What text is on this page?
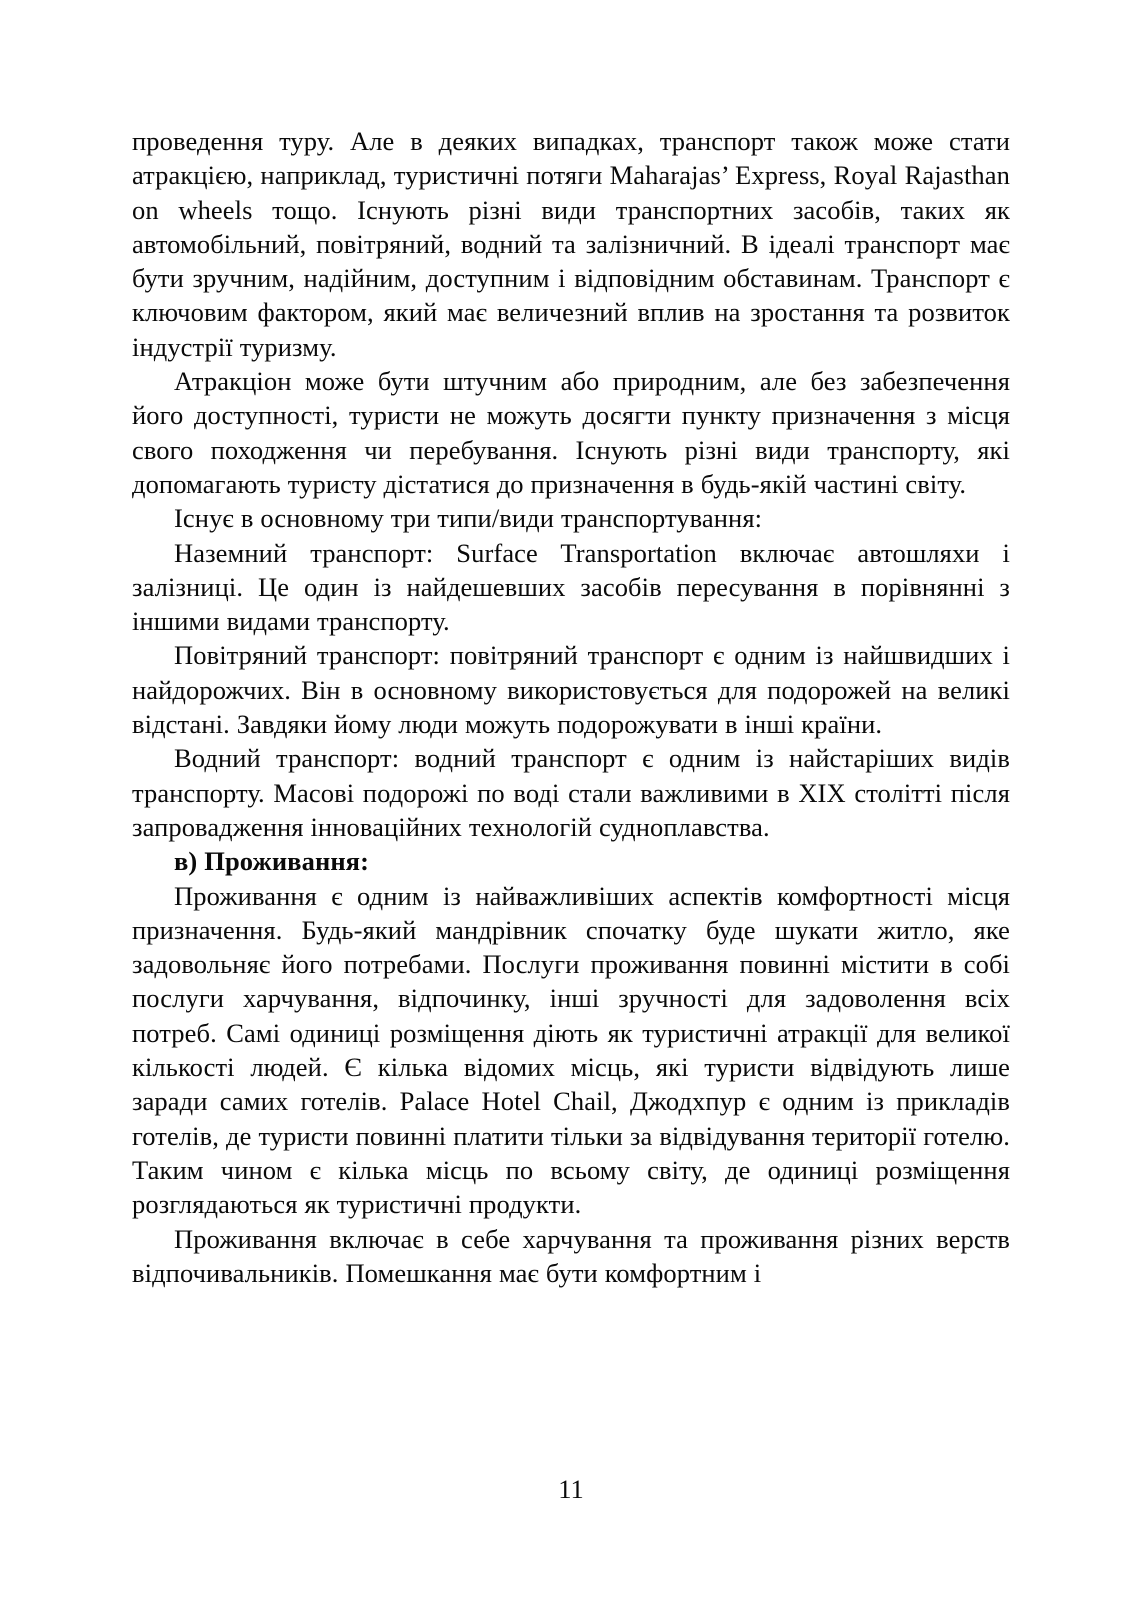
проведення туру. Але в деяких випадках, транспорт також може стати атракцією, наприклад, туристичні потяги Maharajas’ Express, Royal Rajasthan on wheels тощо. Існують різні види транспортних засобів, таких як автомобільний, повітряний, водний та залізничний. В ідеалі транспорт має бути зручним, надійним, доступним і відповідним обставинам. Транспорт є ключовим фактором, який має величезний вплив на зростання та розвиток індустрії туризму.

Атракціон може бути штучним або природним, але без забезпечення його доступності, туристи не можуть досягти пункту призначення з місця свого походження чи перебування. Існують різні види транспорту, які допомагають туристу дістатися до призначення в будь-якій частині світу.

Існує в основному три типи/види транспортування:

Наземний транспорт: Surface Transportation включає автошляхи і залізниці. Це один із найдешевших засобів пересування в порівнянні з іншими видами транспорту.

Повітряний транспорт: повітряний транспорт є одним із найшвидших і найдорожчих. Він в основному використовується для подорожей на великі відстані. Завдяки йому люди можуть подорожувати в інші країни.

Водний транспорт: водний транспорт є одним із найстаріших видів транспорту. Масові подорожі по воді стали важливими в ХІХ столітті після запровадження інноваційних технологій судноплавства.

в) Проживання:

Проживання є одним із найважливіших аспектів комфортності місця призначення. Будь-який мандрівник спочатку буде шукати житло, яке задовольняє його потребами. Послуги проживання повинні містити в собі послуги харчування, відпочинку, інші зручності для задоволення всіх потреб. Самі одиниці розміщення діють як туристичні атракції для великої кількості людей. Є кілька відомих місць, які туристи відвідують лише заради самих готелів. Palace Hotel Chail, Джодхпур є одним із прикладів готелів, де туристи повинні платити тільки за відвідування території готелю. Таким чином є кілька місць по всьому світу, де одиниці розміщення розглядаються як туристичні продукти.

Проживання включає в себе харчування та проживання різних верств відпочивальників. Помешкання має бути комфортним і

11
